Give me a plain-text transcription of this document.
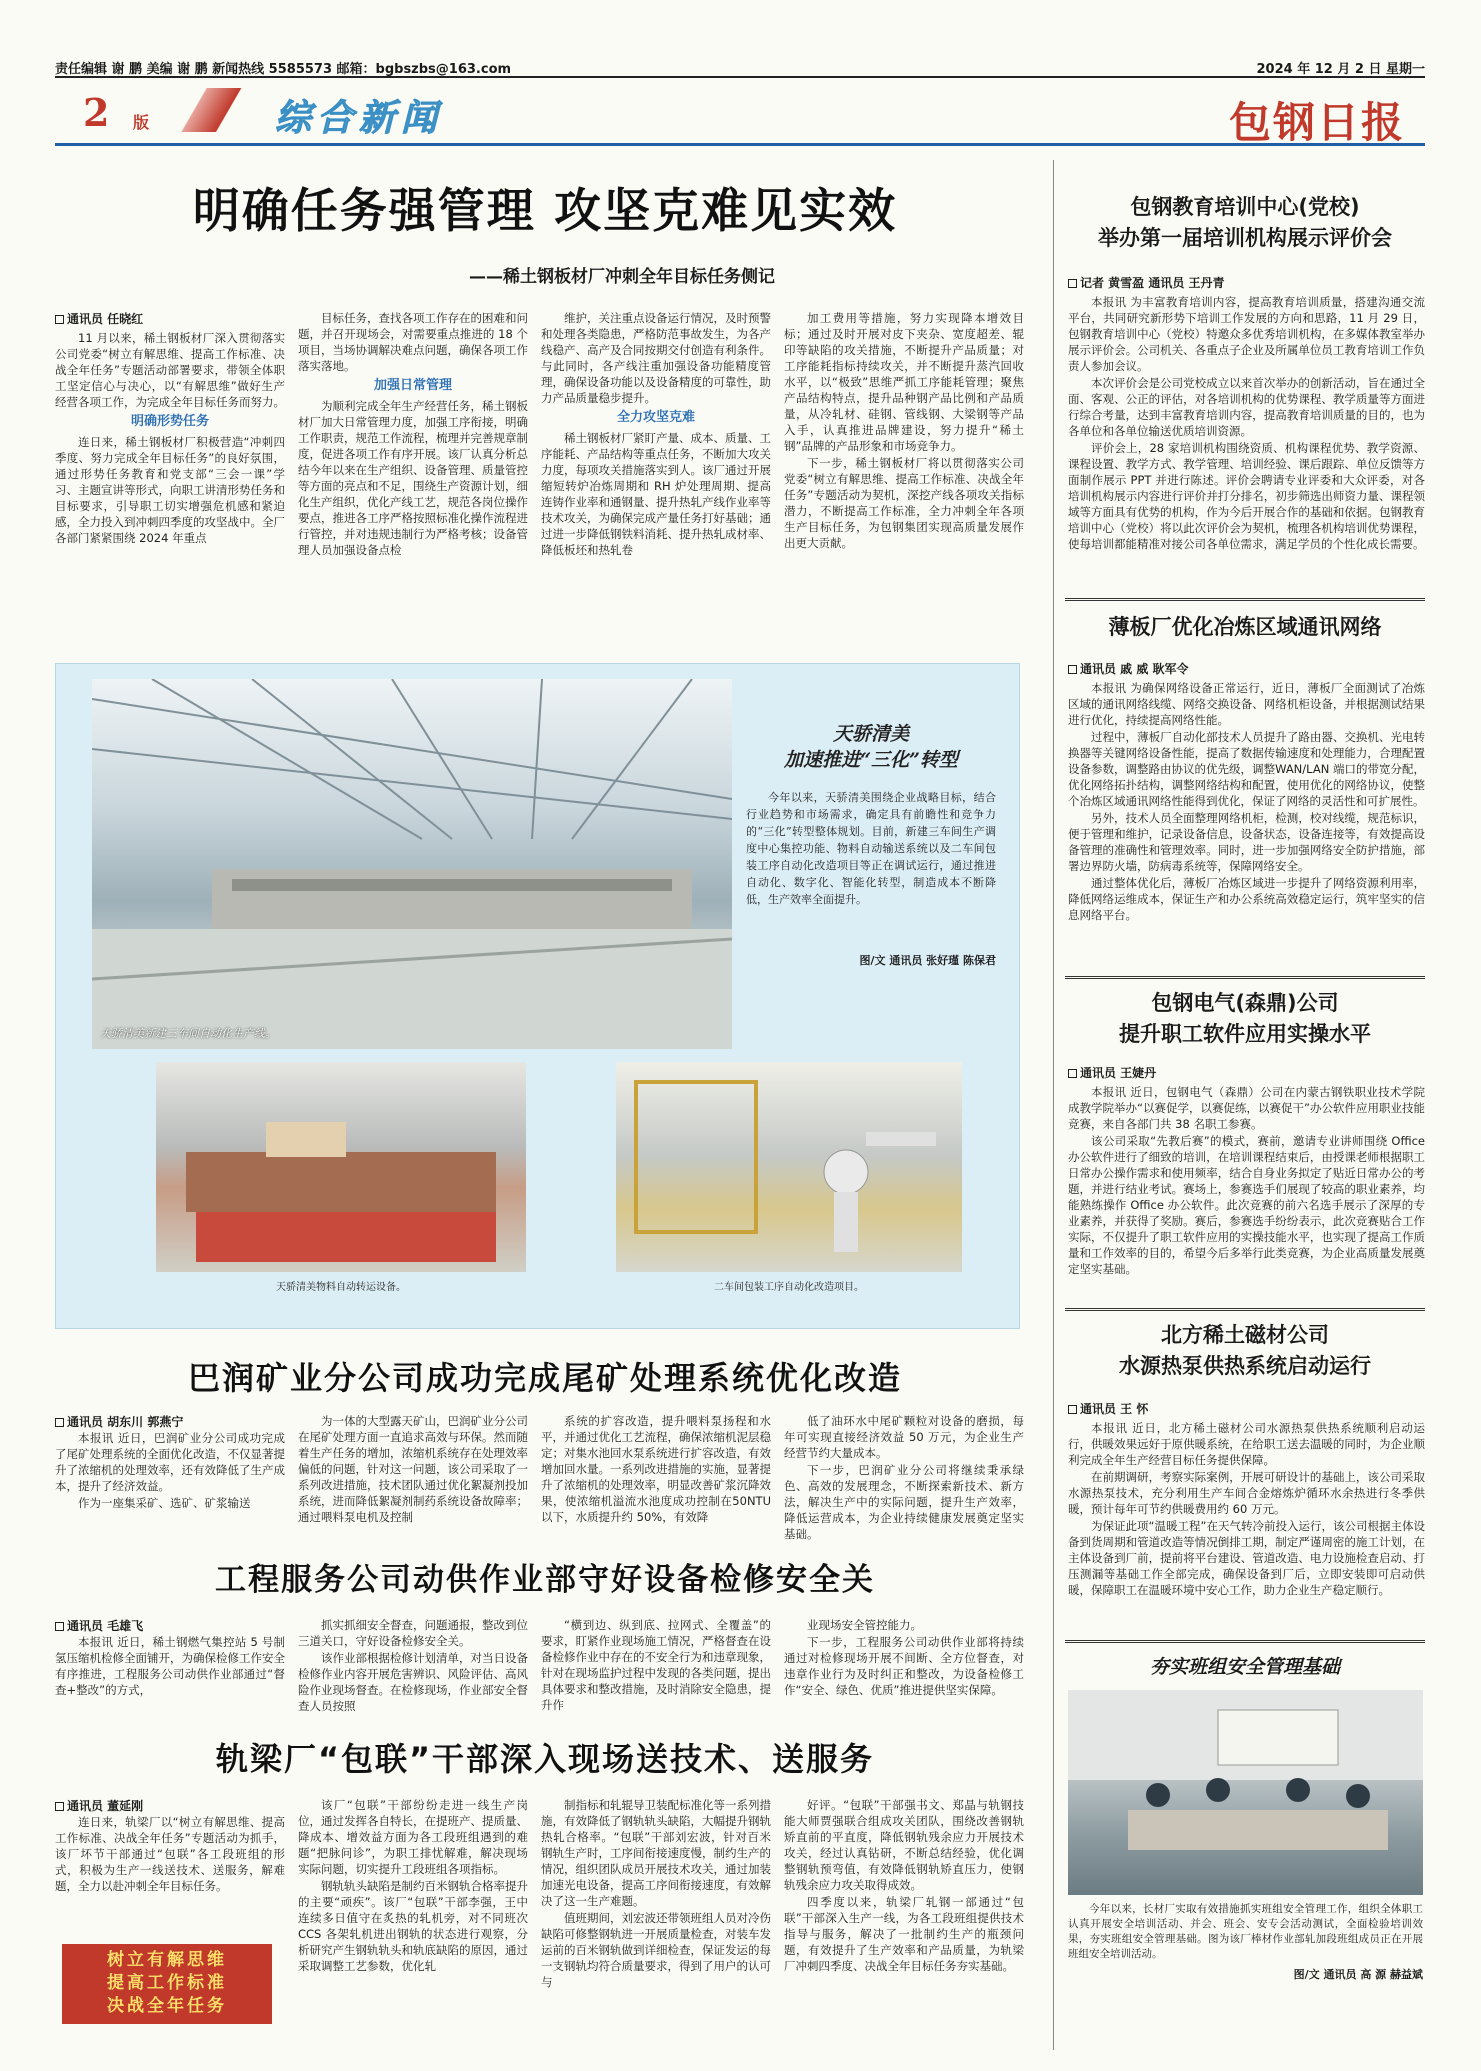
责任编辑 谢 鹏 美编 谢 鹏 新闻热线 5585573 邮箱：bgbszbs@163.com	2024 年 12 月 2 日 星期一
2 版	综合新闻	包钢日报
明确任务强管理 攻坚克难见实效
——稀土钢板材厂冲刺全年目标任务侧记
通讯员 任晓红

11 月以来，稀土钢板材厂深入贯彻落实公司党委“树立有解思维、提高工作标准、决战全年任务”专题活动部署要求，带领全体职工坚定信心与决心，以“有解思维”做好生产经营各项工作，为完成全年目标任务而努力。

明确形势任务

连日来，稀土钢板材厂积极营造“冲刺四季度、努力完成全年目标任务”的良好氛围，通过形势任务教育和党支部“三会一课”学习、主题宣讲等形式，向职工讲清形势任务和目标要求，引导职工切实增强危机感和紧迫感，全力投入到冲刺四季度的攻坚战中。全厂各部门紧紧围绕 2024 年重点

目标任务，查找各项工作存在的困难和问题，并召开现场会，对需要重点推进的 18 个项目，当场协调解决难点问题，确保各项工作落实落地。

加强日常管理

为顺利完成全年生产经营任务，稀土钢板材厂加大日常管理力度，加强工序衔接，明确工作职责，规范工作流程，梳理并完善规章制度，促进各项工作有序开展。该厂认真分析总结今年以来在生产组织、设备管理、质量管控等方面的亮点和不足，围绕生产资源计划，细化生产组织，优化产线工艺，规范各岗位操作要点，推进各工序严格按照标准化操作流程进行管控，并对违规违制行为严格考核；设备管理人员加强设备点检

维护，关注重点设备运行情况，及时预警和处理各类隐患，严格防范事故发生，为各产线稳产、高产及合同按期交付创造有利条件。与此同时，各产线注重加强设备功能精度管理，确保设备功能以及设备精度的可靠性，助力产品质量稳步提升。

全力攻坚克难

稀土钢板材厂紧盯产量、成本、质量、工序能耗、产品结构等重点任务，不断加大攻关力度，每项攻关措施落实到人。该厂通过开展缩短转炉冶炼周期和 RH 炉处理周期、提高连铸作业率和通钢量、提升热轧产线作业率等技术攻关，为确保完成产量任务打好基础；通过进一步降低钢铁料消耗、提升热轧成材率、降低板坯和热轧卷

加工费用等措施，努力实现降本增效目标；通过及时开展对皮下夹杂、宽度超差、辊印等缺陷的攻关措施，不断提升产品质量；对工序能耗指标持续攻关，并不断提升蒸汽回收水平，以“极致”思维严抓工序能耗管理；聚焦产品结构特点，提升品种钢产品比例和产品质量，从冷轧材、硅钢、管线钢、大梁钢等产品入手，认真推进品牌建设，努力提升“稀土钢”品牌的产品形象和市场竞争力。

下一步，稀土钢板材厂将以贯彻落实公司党委“树立有解思维、提高工作标准、决战全年任务”专题活动为契机，深挖产线各项攻关指标潜力，不断提高工作标准，全力冲刺全年各项生产目标任务，为包钢集团实现高质量发展作出更大贡献。

天骄清美新建三车间自动化生产线。
天骄清美
加速推进“三化”转型
今年以来，天骄清美围绕企业战略目标，结合行业趋势和市场需求，确定具有前瞻性和竞争力的“三化”转型整体规划。目前，新建三车间生产调度中心集控功能、物料自动输送系统以及二车间包装工序自动化改造项目等正在调试运行，通过推进自动化、数字化、智能化转型，制造成本不断降低，生产效率全面提升。
图/文 通讯员 张好瑾 陈保君
天骄清美物料自动转运设备。	二车间包装工序自动化改造项目。
巴润矿业分公司成功完成尾矿处理系统优化改造
通讯员 胡东川 郭燕宁

本报讯 近日，巴润矿业分公司成功完成了尾矿处理系统的全面优化改造，不仅显著提升了浓缩机的处理效率，还有效降低了生产成本，提升了经济效益。

作为一座集采矿、选矿、矿浆输送

为一体的大型露天矿山，巴润矿业分公司在尾矿处理方面一直追求高效与环保。然而随着生产任务的增加，浓缩机系统存在处理效率偏低的问题，针对这一问题，该公司采取了一系列改进措施，技术团队通过优化絮凝剂投加系统，进而降低絮凝剂制药系统设备故障率；通过喂料泵电机及控制

系统的扩容改造，提升喂料泵扬程和水平，并通过优化工艺流程，确保浓缩机泥层稳定；对集水池回水泵系统进行扩容改造，有效增加回水量。一系列改进措施的实施，显著提升了浓缩机的处理效率，明显改善矿浆沉降效果，使浓缩机溢流水池度成功控制在50NTU 以下，水质提升约 50%，有效降

低了油环水中尾矿颗粒对设备的磨损，每年可实现直接经济效益 50 万元，为企业生产经营节约大量成本。

下一步，巴润矿业分公司将继续秉承绿色、高效的发展理念，不断探索新技术、新方法，解决生产中的实际问题，提升生产效率，降低运营成本，为企业持续健康发展奠定坚实基础。

工程服务公司动供作业部守好设备检修安全关
通讯员 毛雄飞

本报讯 近日，稀土钢燃气集控站 5 号制氢压缩机检修全面铺开，为确保检修工作安全有序推进，工程服务公司动供作业部通过“督查+整改”的方式，

抓实抓细安全督查，问题通报，整改到位三道关口，守好设备检修安全关。

该作业部根据检修计划清单，对当日设备检修作业内容开展危害辨识、风险评估、高风险作业现场督查。在检修现场，作业部安全督查人员按照

“横到边、纵到底、拉网式、全覆盖”的要求，盯紧作业现场施工情况，严格督查在设备检修作业中存在的不安全行为和违章现象，针对在现场监护过程中发现的各类问题，提出具体要求和整改措施，及时消除安全隐患，提升作

业现场安全管控能力。

下一步，工程服务公司动供作业部将持续通过对检修现场开展不间断、全方位督查，对违章作业行为及时纠正和整改，为设备检修工作“安全、绿色、优质”推进提供坚实保障。

轨梁厂“包联”干部深入现场送技术、送服务
通讯员 董延刚

连日来，轨梁厂以“树立有解思维、提高工作标准、决战全年任务”专题活动为抓手，该厂坏节干部通过“包联”各工段班组的形式，积极为生产一线送技术、送服务，解难题，全力以赴冲刺全年目标任务。

树立有解思维
提高工作标准
决战全年任务

该厂“包联”干部纷纷走进一线生产岗位，通过发挥各自特长，在提班产、提质量、降成本、增效益方面为各工段班组遇到的难题“把脉问诊”，为职工排忧解难，解决现场实际问题，切实提升工段班组各项指标。

钢轨轨头缺陷是制约百米钢轨合格率提升的主要“顽疾”。该厂“包联”干部李强，王中连续多日值守在炙热的轧机旁，对不同班次 CCS 各架轧机进出钢轨的状态进行观察，分析研究产生钢轨轨头和轨底缺陷的原因，通过采取调整工艺参数，优化轧

制指标和轧辊导卫装配标准化等一系列措施，有效降低了钢轨轨头缺陷，大幅提升钢轨热轧合格率。“包联”干部刘宏波，针对百米钢轨生产时，工序间衔接速度慢，制约生产的情况，组织团队成员开展技术攻关，通过加装加速光电设备，提高工序间衔接速度，有效解决了这一生产难题。

值班期间，刘宏波还带领班组人员对冷伤缺陷可修整钢轨进一开展质量检查，对装车发运前的百米钢轨做到详细检查，保证发运的每一支钢轨均符合质量要求，得到了用户的认可与

好评。“包联”干部强书文、郑晶与轨钢技能大师贾强联合组成攻关团队，围绕改善钢轨矫直前的平直度，降低钢轨残余应力开展技术攻关，经过认真钻研，不断总结经验，优化调整钢轨预弯值，有效降低钢轨矫直压力，使钢轨残余应力攻关取得成效。

四季度以来，轨梁厂轧钢一部通过“包联”干部深入生产一线，为各工段班组提供技术指导与服务，解决了一批制约生产的瓶颈问题，有效提升了生产效率和产品质量，为轨梁厂冲刺四季度、决战全年目标任务夯实基础。

包钢教育培训中心(党校)
举办第一届培训机构展示评价会
记者 黄雪盈 通讯员 王丹青

本报讯 为丰富教育培训内容，提高教育培训质量，搭建沟通交流平台，共同研究新形势下培训工作发展的方向和思路，11 月 29 日，包钢教育培训中心（党校）特邀众多优秀培训机构，在多媒体教室举办展示评价会。公司机关、各重点子企业及所属单位员工教育培训工作负责人参加会议。

本次评价会是公司党校成立以来首次举办的创新活动，旨在通过全面、客观、公正的评估，对各培训机构的优势课程、教学质量等方面进行综合考量，达到丰富教育培训内容，提高教育培训质量的目的，也为各单位和各单位输送优质培训资源。

评价会上，28 家培训机构围绕资质、机构课程优势、教学资源、课程设置、教学方式、教学管理、培训经验、课后跟踪、单位反馈等方面制作展示 PPT 并进行陈述。评价会聘请专业评委和大众评委，对各培训机构展示内容进行评价并打分排名，初步筛选出师资力量、课程领域等方面具有优势的机构，作为今后开展合作的基础和依据。包钢教育培训中心（党校）将以此次评价会为契机，梳理各机构培训优势课程，使每培训都能精准对接公司各单位需求，满足学员的个性化成长需要。

薄板厂优化冶炼区域通讯网络
通讯员 戚 威 耿军令

本报讯 为确保网络设备正常运行，近日，薄板厂全面测试了冶炼区域的通讯网络线缆、网络交换设备、网络机柜设备，并根据测试结果进行优化，持续提高网络性能。

过程中，薄板厂自动化部技术人员提升了路由器、交换机、光电转换器等关键网络设备性能，提高了数据传输速度和处理能力，合理配置设备参数，调整路由协议的优先级，调整WAN/LAN 端口的带宽分配，优化网络拓扑结构，调整网络结构和配置，使用优化的网络协议，使整个冶炼区域通讯网络性能得到优化，保证了网络的灵活性和可扩展性。

另外，技术人员全面整理网络机柜，检测，校对线缆，规范标识，便于管理和维护，记录设备信息，设备状态，设备连接等，有效提高设备管理的准确性和管理效率。同时，进一步加强网络安全防护措施，部署边界防火墙，防病毒系统等，保障网络安全。

通过整体优化后，薄板厂冶炼区域进一步提升了网络资源利用率，降低网络运维成本，保证生产和办公系统高效稳定运行，筑牢坚实的信息网络平台。

包钢电气(森鼎)公司
提升职工软件应用实操水平
通讯员 王婕丹

本报讯 近日，包钢电气（森鼎）公司在内蒙古钢铁职业技术学院成教学院举办“以赛促学，以赛促练，以赛促干”办公软件应用职业技能竞赛，来自各部门共 38 名职工参赛。

该公司采取“先教后赛”的模式，赛前，邀请专业讲师围绕 Office 办公软件进行了细致的培训，在培训课程结束后，由授课老师根据职工日常办公操作需求和使用频率，结合自身业务拟定了贴近日常办公的考题，并进行结业考试。赛场上，参赛选手们展现了较高的职业素养，均能熟练操作 Office 办公软件。此次竞赛的前六名选手展示了深厚的专业素养，并获得了奖励。赛后，参赛选手纷纷表示，此次竞赛贴合工作实际，不仅提升了职工软件应用的实操技能水平，也实现了提高工作质量和工作效率的目的，希望今后多举行此类竞赛，为企业高质量发展奠定坚实基础。

北方稀土磁材公司
水源热泵供热系统启动运行
通讯员 王 怀

本报讯 近日，北方稀土磁材公司水源热泵供热系统顺利启动运行，供暖效果远好于原供暖系统，在给职工送去温暖的同时，为企业顺利完成全年生产经营目标任务提供保障。

在前期调研，考察实际案例，开展可研设计的基础上，该公司采取水源热泵技术，充分利用生产车间合金熔炼炉循环水余热进行冬季供暖，预计每年可节约供暖费用约 60 万元。

为保证此项“温暖工程”在天气转冷前投入运行，该公司根据主体设备到货周期和管道改造等情况倒排工期，制定严谨周密的施工计划，在主体设备到厂前，提前将平台建设、管道改造、电力设施检查启动、打压测漏等基础工作全部完成，确保设备到厂后，立即安装即可启动供暖，保障职工在温暖环境中安心工作，助力企业生产稳定顺行。

夯实班组安全管理基础
今年以来，长材厂实取有效措施抓实班组安全管理工作，组织全体职工认真开展安全培训活动、并会、班会、安专会活动测试，全面检验培训效果，夯实班组安全管理基础。图为该厂棒材作业部轧加段班组成员正在开展班组安全培训活动。
图/文 通讯员 高 源 赫益斌
